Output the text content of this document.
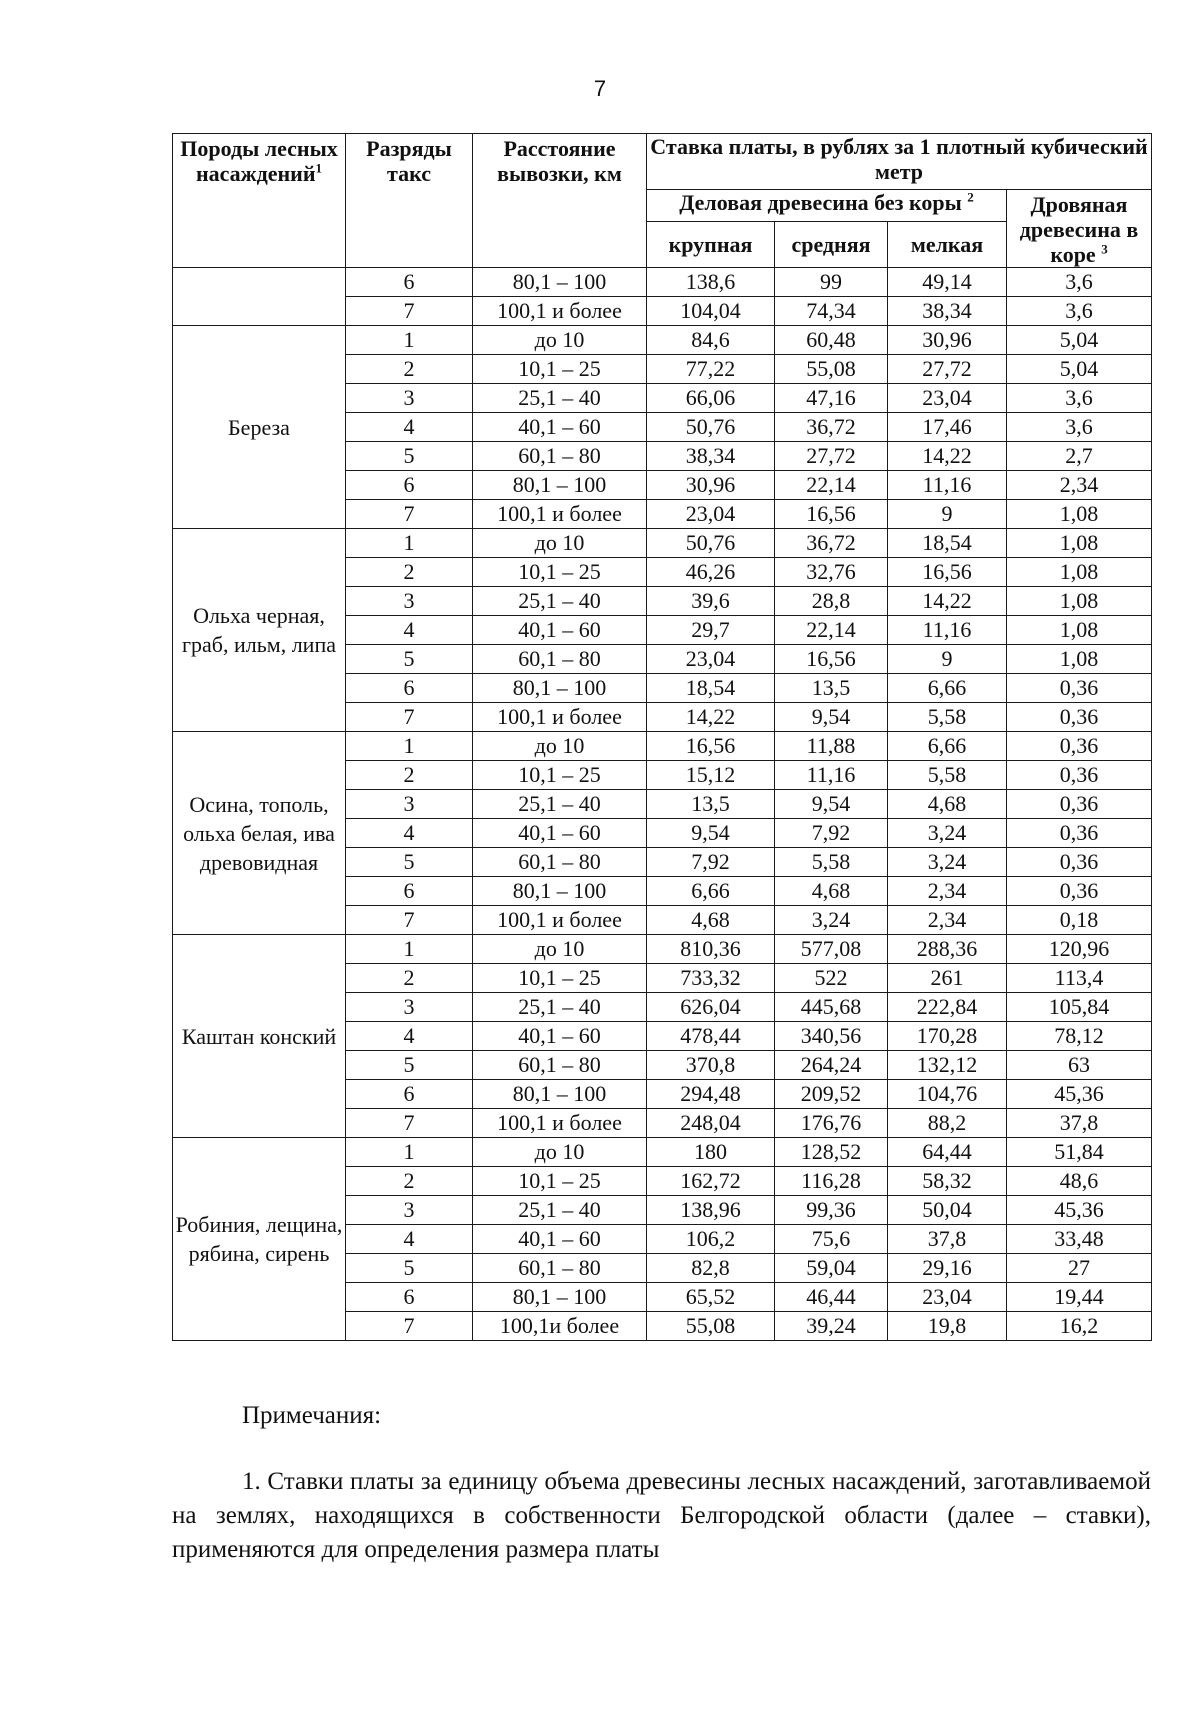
7
Породы лесных насаждений$^1$	Разряды такс	Расстояние вывозки, км	Ставка платы, в рублях за 1 плотный кубический метр			
			Деловая древесина без коры $^2$			Дровяная древесина в коре $^3$
			крупная	средняя	мелкая	
	6	80,1 – 100	138,6	99	49,14	3,6
	7	100,1 и более	104,04	74,34	38,34	3,6
Береза	1	до 10	84,6	60,48	30,96	5,04
	2	10,1 – 25	77,22	55,08	27,72	5,04
	3	25,1 – 40	66,06	47,16	23,04	3,6
	4	40,1 – 60	50,76	36,72	17,46	3,6
	5	60,1 – 80	38,34	27,72	14,22	2,7
	6	80,1 – 100	30,96	22,14	11,16	2,34
	7	100,1 и более	23,04	16,56	9	1,08
Ольха черная, граб, ильм, липа	1	до 10	50,76	36,72	18,54	1,08
	2	10,1 – 25	46,26	32,76	16,56	1,08
	3	25,1 – 40	39,6	28,8	14,22	1,08
	4	40,1 – 60	29,7	22,14	11,16	1,08
	5	60,1 – 80	23,04	16,56	9	1,08
	6	80,1 – 100	18,54	13,5	6,66	0,36
	7	100,1 и более	14,22	9,54	5,58	0,36
Осина, тополь, ольха белая, ива древовидная	1	до 10	16,56	11,88	6,66	0,36
	2	10,1 – 25	15,12	11,16	5,58	0,36
	3	25,1 – 40	13,5	9,54	4,68	0,36
	4	40,1 – 60	9,54	7,92	3,24	0,36
	5	60,1 – 80	7,92	5,58	3,24	0,36
	6	80,1 – 100	6,66	4,68	2,34	0,36
	7	100,1 и более	4,68	3,24	2,34	0,18
Каштан конский	1	до 10	810,36	577,08	288,36	120,96
	2	10,1 – 25	733,32	522	261	113,4
	3	25,1 – 40	626,04	445,68	222,84	105,84
	4	40,1 – 60	478,44	340,56	170,28	78,12
	5	60,1 – 80	370,8	264,24	132,12	63
	6	80,1 – 100	294,48	209,52	104,76	45,36
	7	100,1 и более	248,04	176,76	88,2	37,8
Робиния, лещина, рябина, сирень	1	до 10	180	128,52	64,44	51,84
	2	10,1 – 25	162,72	116,28	58,32	48,6
	3	25,1 – 40	138,96	99,36	50,04	45,36
	4	40,1 – 60	106,2	75,6	37,8	33,48
	5	60,1 – 80	82,8	59,04	29,16	27
	6	80,1 – 100	65,52	46,44	23,04	19,44
	7	100,1и более	55,08	39,24	19,8	16,2

Примечания:

1. Ставки платы за единицу объема древесины лесных насаждений, заготавливаемой на землях, находящихся в собственности Белгородской области (далее – ставки), применяются для определения размера платы
